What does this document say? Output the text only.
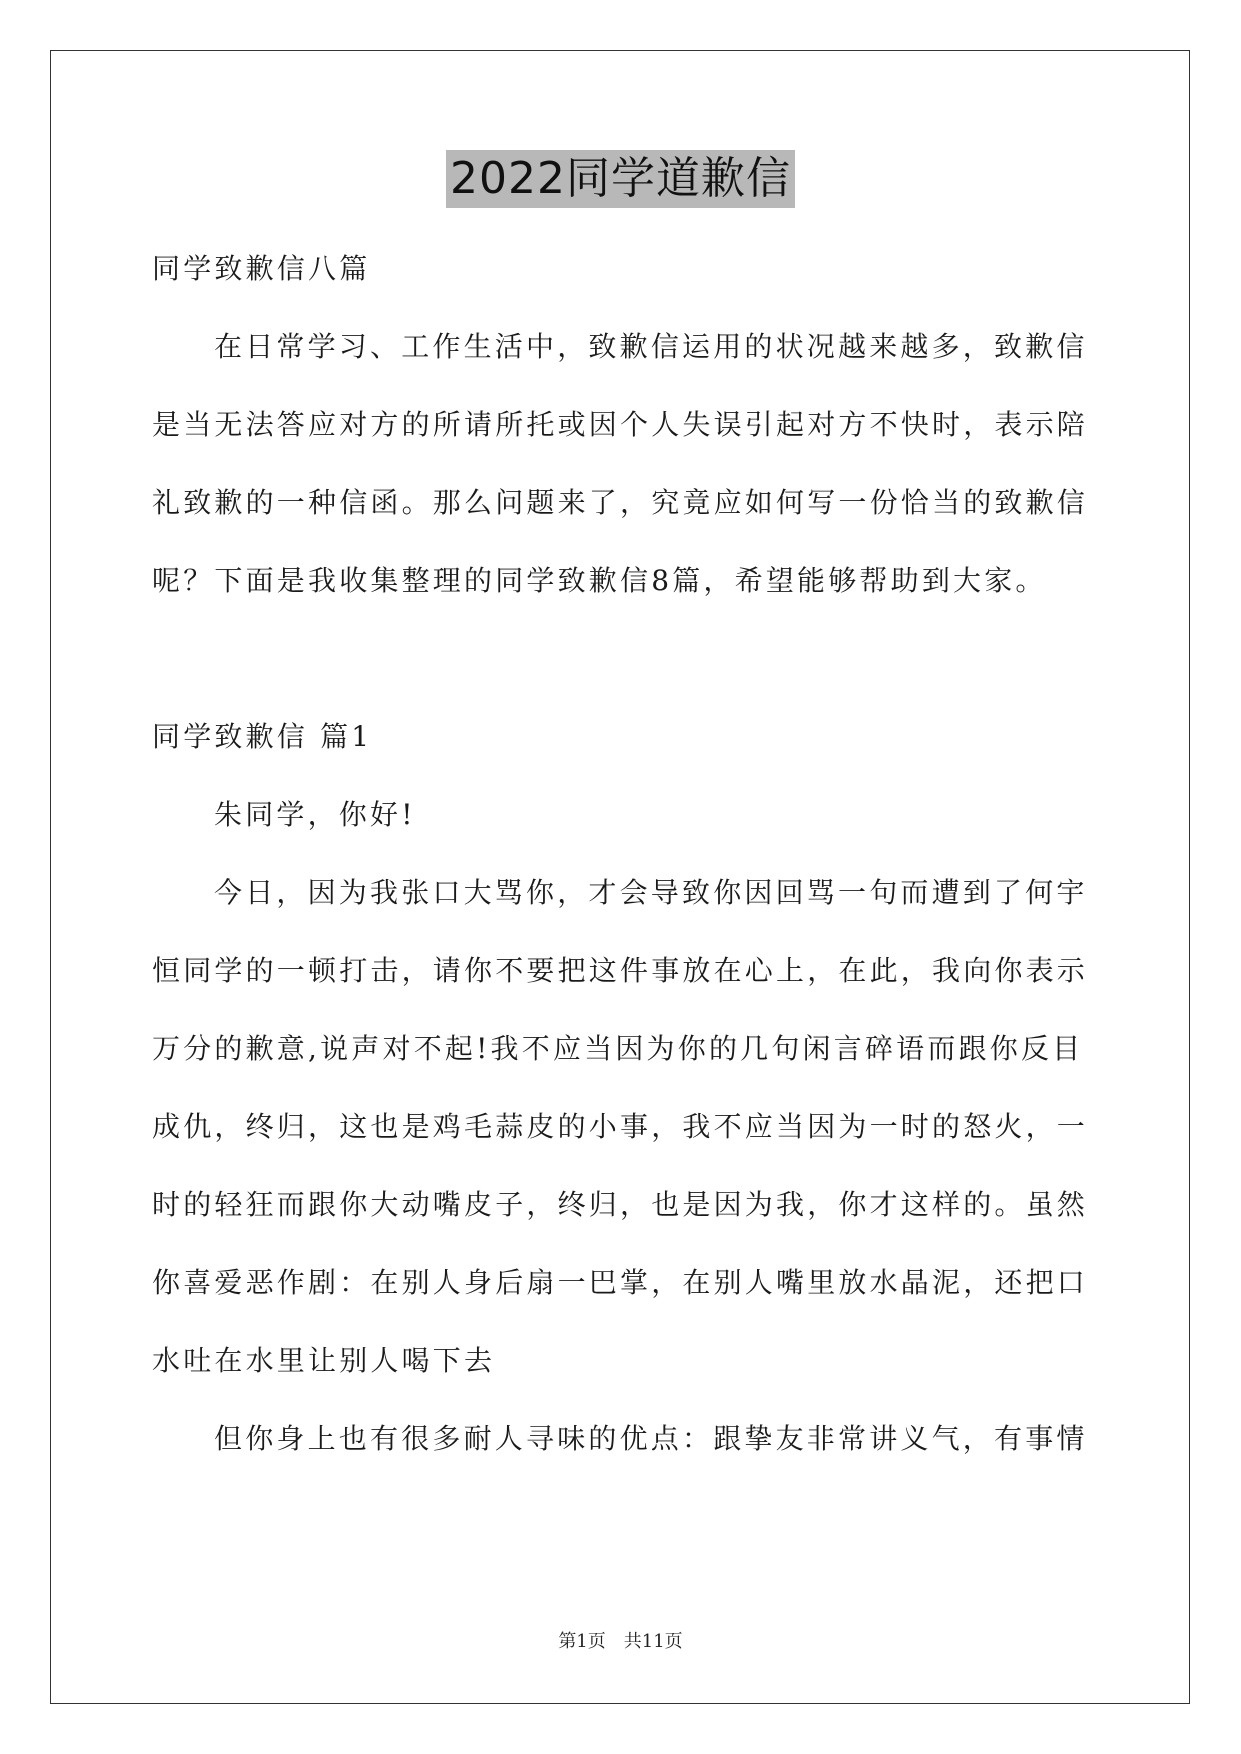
2022同学道歉信

同学致歉信八篇

在日常学习、工作生活中，致歉信运用的状况越来越多，致歉信

是当无法答应对方的所请所托或因个人失误引起对方不快时，表示陪

礼致歉的一种信函。那么问题来了，究竟应如何写一份恰当的致歉信

呢？下面是我收集整理的同学致歉信8篇，希望能够帮助到大家。

同学致歉信 篇1

朱同学，你好!

今日，因为我张口大骂你，才会导致你因回骂一句而遭到了何宇

恒同学的一顿打击，请你不要把这件事放在心上，在此，我向你表示

万分的歉意,说声对不起!我不应当因为你的几句闲言碎语而跟你反目

成仇，终归，这也是鸡毛蒜皮的小事，我不应当因为一时的怒火，一

时的轻狂而跟你大动嘴皮子，终归，也是因为我，你才这样的。虽然

你喜爱恶作剧：在别人身后扇一巴掌，在别人嘴里放水晶泥，还把口

水吐在水里让别人喝下去

但你身上也有很多耐人寻味的优点：跟挚友非常讲义气，有事情

第1页　共11页
